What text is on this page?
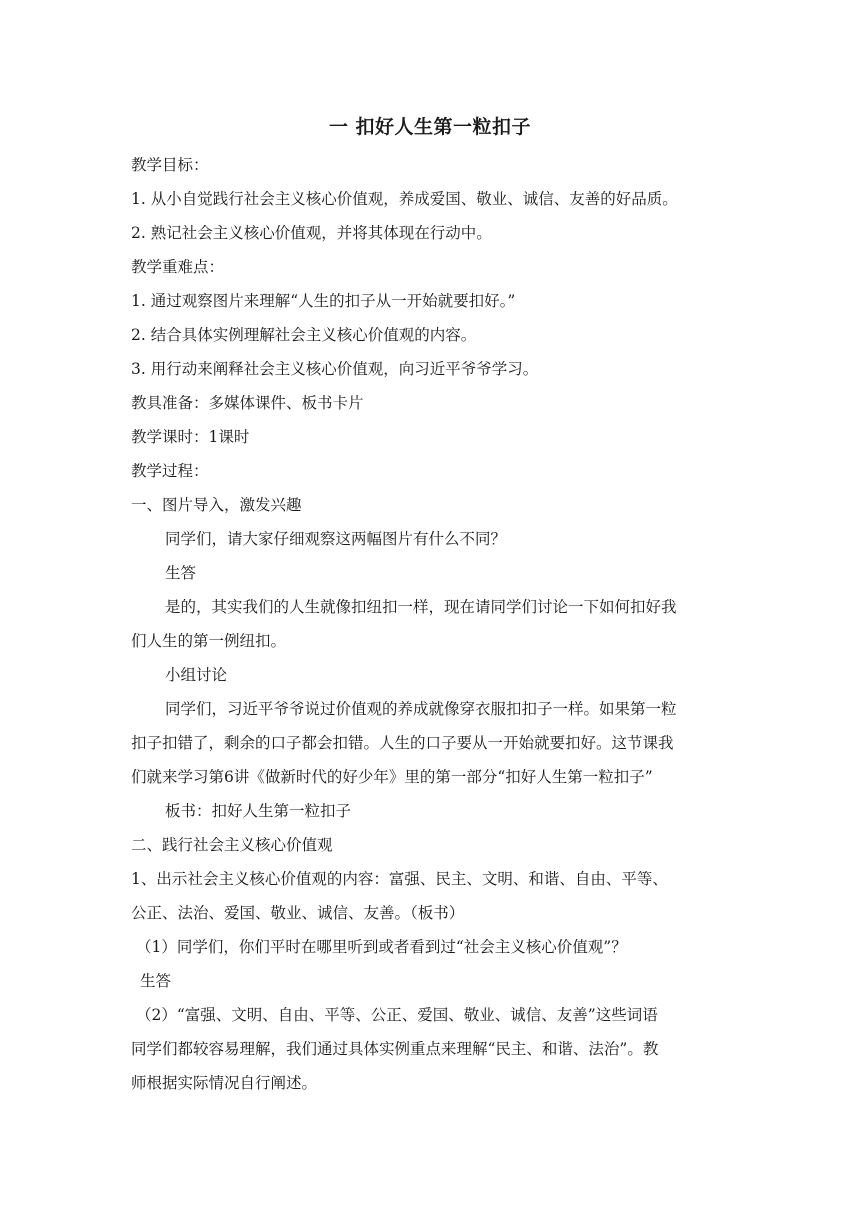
一 扣好人生第一粒扣子
教学目标：
1. 从小自觉践行社会主义核心价值观，养成爱国、敬业、诚信、友善的好品质。
2. 熟记社会主义核心价值观，并将其体现在行动中。
教学重难点：
1. 通过观察图片来理解“人生的扣子从一开始就要扣好。”
2. 结合具体实例理解社会主义核心价值观的内容。
3. 用行动来阐释社会主义核心价值观，向习近平爷爷学习。
教具准备：多媒体课件、板书卡片
教学课时：1课时
教学过程：
一、图片导入，激发兴趣
同学们，请大家仔细观察这两幅图片有什么不同？
生答
是的，其实我们的人生就像扣纽扣一样，现在请同学们讨论一下如何扣好我
们人生的第一例纽扣。
小组讨论
同学们，习近平爷爷说过价值观的养成就像穿衣服扣扣子一样。如果第一粒
扣子扣错了，剩余的口子都会扣错。人生的口子要从一开始就要扣好。这节课我
们就来学习第6讲《做新时代的好少年》里的第一部分“扣好人生第一粒扣子”
板书：扣好人生第一粒扣子
二、践行社会主义核心价值观
1、出示社会主义核心价值观的内容：富强、民主、文明、和谐、自由、平等、
公正、法治、爱国、敬业、诚信、友善。（板书）
（1）同学们，你们平时在哪里听到或者看到过“社会主义核心价值观”？
生答
（2）“富强、文明、自由、平等、公正、爱国、敬业、诚信、友善”这些词语
同学们都较容易理解，我们通过具体实例重点来理解“民主、和谐、法治”。教
师根据实际情况自行阐述。
